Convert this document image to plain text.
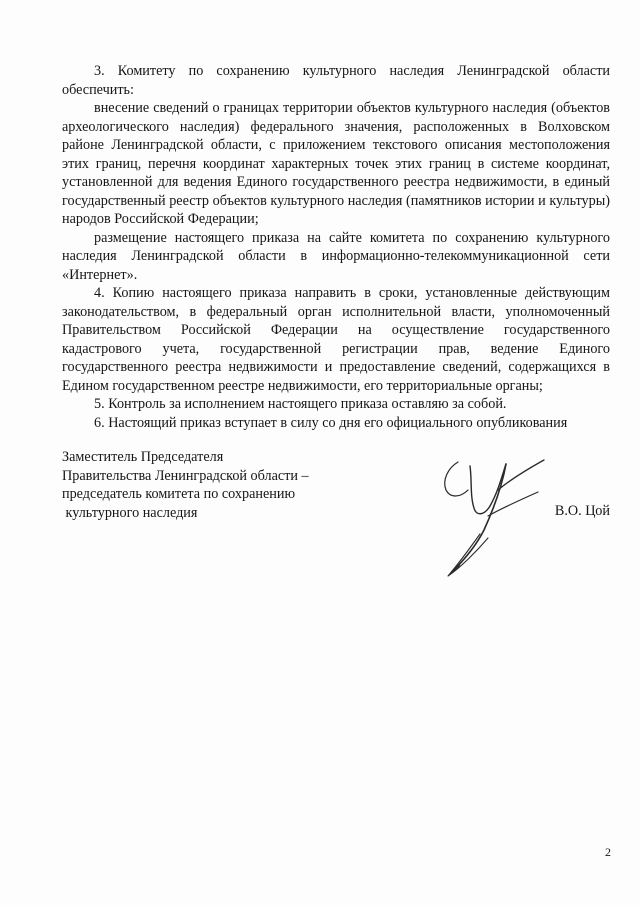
3. Комитету по сохранению культурного наследия Ленинградской области обеспечить:

внесение сведений о границах территории объектов культурного наследия (объектов археологического наследия) федерального значения, расположенных в Волховском районе Ленинградской области, с приложением текстового описания местоположения этих границ, перечня координат характерных точек этих границ в системе координат, установленной для ведения Единого государственного реестра недвижимости, в единый государственный реестр объектов культурного наследия (памятников истории и культуры) народов Российской Федерации;

размещение настоящего приказа на сайте комитета по сохранению культурного наследия Ленинградской области в информационно-телекоммуникационной сети «Интернет».

4. Копию настоящего приказа направить в сроки, установленные действующим законодательством, в федеральный орган исполнительной власти, уполномоченный Правительством Российской Федерации на осуществление государственного кадастрового учета, государственной регистрации прав, ведение Единого государственного реестра недвижимости и предоставление сведений, содержащихся в Едином государственном реестре недвижимости, его территориальные органы;

5. Контроль за исполнением настоящего приказа оставляю за собой.

6. Настоящий приказ вступает в силу со дня его официального опубликования

Заместитель Председателя
Правительства Ленинградской области –
председатель комитета по сохранению
культурного наследия	В.О. Цой
2
